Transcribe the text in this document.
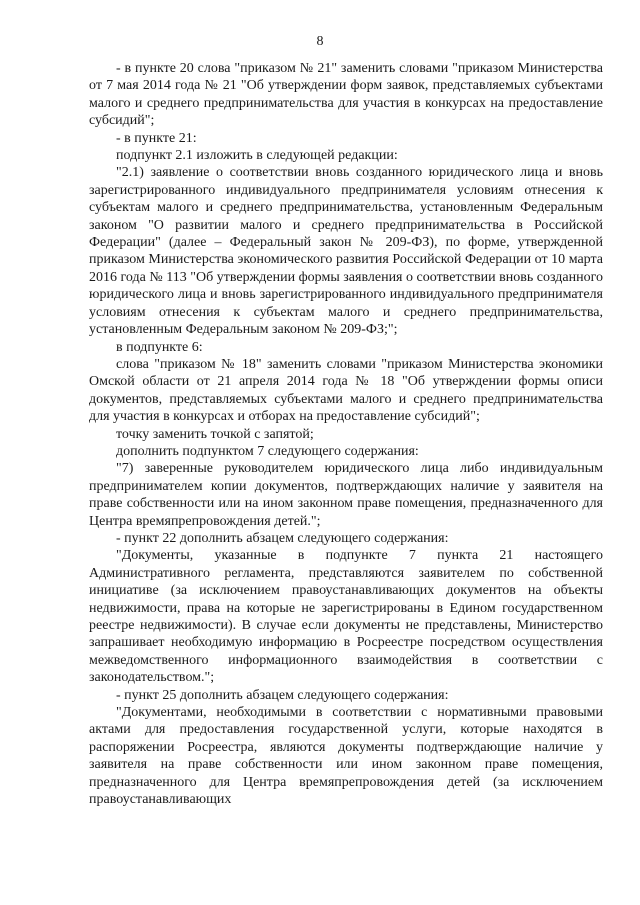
8

- в пункте 20 слова "приказом № 21" заменить словами "приказом Министерства от 7 мая 2014 года № 21 "Об утверждении форм заявок, представляемых субъектами малого и среднего предпринимательства для участия в конкурсах на предоставление субсидий";

- в пункте 21:

подпункт 2.1 изложить в следующей редакции:

"2.1) заявление о соответствии вновь созданного юридического лица и вновь зарегистрированного индивидуального предпринимателя условиям отнесения к субъектам малого и среднего предпринимательства, установленным Федеральным законом "О развитии малого и среднего предпринимательства в Российской Федерации" (далее – Федеральный закон № 209-ФЗ), по форме, утвержденной приказом Министерства экономического развития Российской Федерации от 10 марта 2016 года № 113 "Об утверждении формы заявления о соответствии вновь созданного юридического лица и вновь зарегистрированного индивидуального предпринимателя условиям отнесения к субъектам малого и среднего предпринимательства, установленным Федеральным законом № 209-ФЗ;";

в подпункте 6:

слова "приказом № 18" заменить словами "приказом Министерства экономики Омской области от 21 апреля 2014 года № 18 "Об утверждении формы описи документов, представляемых субъектами малого и среднего предпринимательства для участия в конкурсах и отборах на предоставление субсидий";

точку заменить точкой с запятой;

дополнить подпунктом 7 следующего содержания:

"7) заверенные руководителем юридического лица либо индивидуальным предпринимателем копии документов, подтверждающих наличие у заявителя на праве собственности или на ином законном праве помещения, предназначенного для Центра времяпрепровождения детей.";

- пункт 22 дополнить абзацем следующего содержания:

"Документы, указанные в подпункте 7 пункта 21 настоящего Административного регламента, представляются заявителем по собственной инициативе (за исключением правоустанавливающих документов на объекты недвижимости, права на которые не зарегистрированы в Едином государственном реестре недвижимости). В случае если документы не представлены, Министерство запрашивает необходимую информацию в Росреестре посредством осуществления межведомственного информационного взаимодействия в соответствии с законодательством.";

- пункт 25 дополнить абзацем следующего содержания:

"Документами, необходимыми в соответствии с нормативными правовыми актами для предоставления государственной услуги, которые находятся в распоряжении Росреестра, являются документы подтверждающие наличие у заявителя на праве собственности или ином законном праве помещения, предназначенного для Центра времяпрепровождения детей (за исключением правоустанавливающих
